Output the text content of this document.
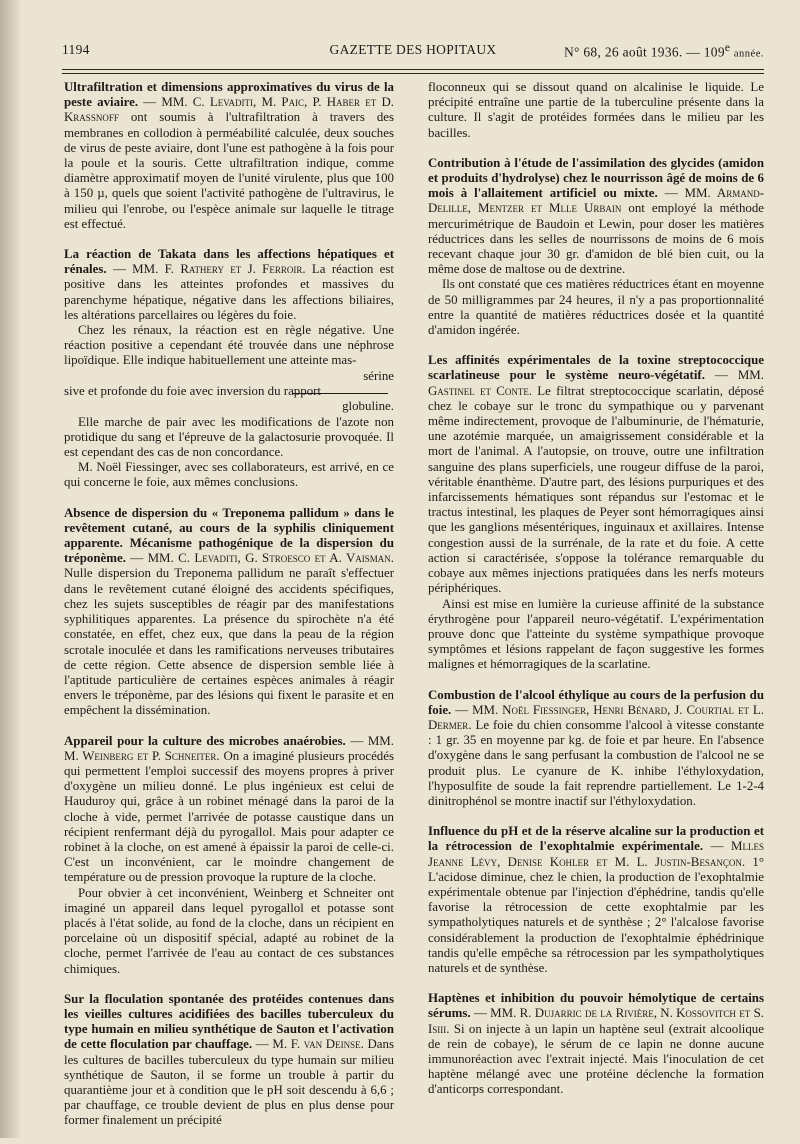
1194	GAZETTE DES HOPITAUX	N° 68, 26 août 1936. — 109e année.

Ultrafiltration et dimensions approximatives du virus de la peste aviaire. — MM. C. Levaditi, M. Paic, P. Haber et D. Krassnoff ont soumis à l'ultrafiltration à travers des membranes en collodion à perméabilité calculée, deux souches de virus de peste aviaire, dont l'une est pathogène à la fois pour la poule et la souris. Cette ultrafiltration indique, comme diamètre approximatif moyen de l'unité virulente, plus que 100 à 150 µ, quels que soient l'activité pathogène de l'ultravirus, le milieu qui l'enrobe, ou l'espèce animale sur laquelle le titrage est effectué.

La réaction de Takata dans les affections hépatiques et rénales. — MM. F. Rathery et J. Ferroir. La réaction est positive dans les atteintes profondes et massives du parenchyme hépatique, négative dans les affections biliaires, les altérations parcellaires ou légères du foie.

Chez les rénaux, la réaction est en règle négative. Une réaction positive a cependant été trouvée dans une néphrose lipoïdique. Elle indique habituellement une atteinte mas-

sive et profonde du foie avec inversion du rapport
sérine
globuline.

Elle marche de pair avec les modifications de l'azote non protidique du sang et l'épreuve de la galactosurie provoquée. Il est cependant des cas de non concordance.

M. Noël Fiessinger, avec ses collaborateurs, est arrivé, en ce qui concerne le foie, aux mêmes conclusions.

Absence de dispersion du « Treponema pallidum » dans le revêtement cutané, au cours de la syphilis cliniquement apparente. Mécanisme pathogénique de la dispersion du tréponème. — MM. C. Levaditi, G. Stroesco et A. Vaisman. Nulle dispersion du Treponema pallidum ne paraît s'effectuer dans le revêtement cutané éloigné des accidents spécifiques, chez les sujets susceptibles de réagir par des manifestations syphilitiques apparentes. La présence du spirochète n'a été constatée, en effet, chez eux, que dans la peau de la région scrotale inoculée et dans les ramifications nerveuses tributaires de cette région. Cette absence de dispersion semble liée à l'aptitude particulière de certaines espèces animales à réagir envers le tréponème, par des lésions qui fixent le parasite et en empêchent la dissémination.

Appareil pour la culture des microbes anaérobies. — MM. M. Weinberg et P. Schneiter. On a imaginé plusieurs procédés qui permettent l'emploi successif des moyens propres à priver d'oxygène un milieu donné. Le plus ingénieux est celui de Hauduroy qui, grâce à un robinet ménagé dans la paroi de la cloche à vide, permet l'arrivée de potasse caustique dans un récipient renfermant déjà du pyrogallol. Mais pour adapter ce robinet à la cloche, on est amené à épaissir la paroi de celle-ci. C'est un inconvénient, car le moindre changement de température ou de pression provoque la rupture de la cloche.

Pour obvier à cet inconvénient, Weinberg et Schneiter ont imaginé un appareil dans lequel pyrogallol et potasse sont placés à l'état solide, au fond de la cloche, dans un récipient en porcelaine où un dispositif spécial, adapté au robinet de la cloche, permet l'arrivée de l'eau au contact de ces substances chimiques.

Sur la floculation spontanée des protéides contenues dans les vieilles cultures acidifiées des bacilles tuberculeux du type humain en milieu synthétique de Sauton et l'activation de cette floculation par chauffage. — M. F. van Deinse. Dans les cultures de bacilles tuberculeux du type humain sur milieu synthétique de Sauton, il se forme un trouble à partir du quarantième jour et à condition que le pH soit descendu à 6,6 ; par chauffage, ce trouble devient de plus en plus dense pour former finalement un précipité

floconneux qui se dissout quand on alcalinise le liquide. Le précipité entraîne une partie de la tuberculine présente dans la culture. Il s'agit de protéides formées dans le milieu par les bacilles.

Contribution à l'étude de l'assimilation des glycides (amidon et produits d'hydrolyse) chez le nourrisson âgé de moins de 6 mois à l'allaitement artificiel ou mixte. — MM. Armand-Delille, Mentzer et Mlle Urbain ont employé la méthode mercurimétrique de Baudoin et Lewin, pour doser les matières réductrices dans les selles de nourrissons de moins de 6 mois recevant chaque jour 30 gr. d'amidon de blé bien cuit, ou la même dose de maltose ou de dextrine.

Ils ont constaté que ces matières réductrices étant en moyenne de 50 milligrammes par 24 heures, il n'y a pas proportionnalité entre la quantité de matières réductrices dosée et la quantité d'amidon ingérée.

Les affinités expérimentales de la toxine streptococcique scarlatineuse pour le système neuro-végétatif. — MM. Gastinel et Conte. Le filtrat streptococcique scarlatin, déposé chez le cobaye sur le tronc du sympathique ou y parvenant même indirectement, provoque de l'albuminurie, de l'hématurie, une azotémie marquée, un amaigrissement considérable et la mort de l'animal. A l'autopsie, on trouve, outre une infiltration sanguine des plans superficiels, une rougeur diffuse de la paroi, véritable énanthème. D'autre part, des lésions purpuriques et des infarcissements hématiques sont répandus sur l'estomac et le tractus intestinal, les plaques de Peyer sont hémorragiques ainsi que les ganglions mésentériques, inguinaux et axillaires. Intense congestion aussi de la surrénale, de la rate et du foie. A cette action si caractérisée, s'oppose la tolérance remarquable du cobaye aux mêmes injections pratiquées dans les nerfs moteurs périphériques.

Ainsi est mise en lumière la curieuse affinité de la substance érythrogène pour l'appareil neuro-végétatif. L'expérimentation prouve donc que l'atteinte du système sympathique provoque symptômes et lésions rappelant de façon suggestive les formes malignes et hémorragiques de la scarlatine.

Combustion de l'alcool éthylique au cours de la perfusion du foie. — MM. Noël Fiessinger, Henri Bénard, J. Courtial et L. Dermer. Le foie du chien consomme l'alcool à vitesse constante : 1 gr. 35 en moyenne par kg. de foie et par heure. En l'absence d'oxygène dans le sang perfusant la combustion de l'alcool ne se produit plus. Le cyanure de K. inhibe l'éthyloxydation, l'hyposulfite de soude la fait reprendre partiellement. Le 1-2-4 dinitrophénol se montre inactif sur l'éthyloxydation.

Influence du pH et de la réserve alcaline sur la production et la rétrocession de l'exophtalmie expérimentale. — Mlles Jeanne Lévy, Denise Kohler et M. L. Justin-Besançon. 1° L'acidose diminue, chez le chien, la production de l'exophtalmie expérimentale obtenue par l'injection d'éphédrine, tandis qu'elle favorise la rétrocession de cette exophtalmie par les sympatholytiques naturels et de synthèse ; 2° l'alcalose favorise considérablement la production de l'exophtalmie éphédrinique tandis qu'elle empêche sa rétrocession par les sympatholytiques naturels et de synthèse.

Haptènes et inhibition du pouvoir hémolytique de certains sérums. — MM. R. Dujarric de la Rivière, N. Kossovitch et S. Isiii. Si on injecte à un lapin un haptène seul (extrait alcoolique de rein de cobaye), le sérum de ce lapin ne donne aucune immunoréaction avec l'extrait injecté. Mais l'inoculation de cet haptène mélangé avec une protéine déclenche la formation d'anticorps correspondant.
